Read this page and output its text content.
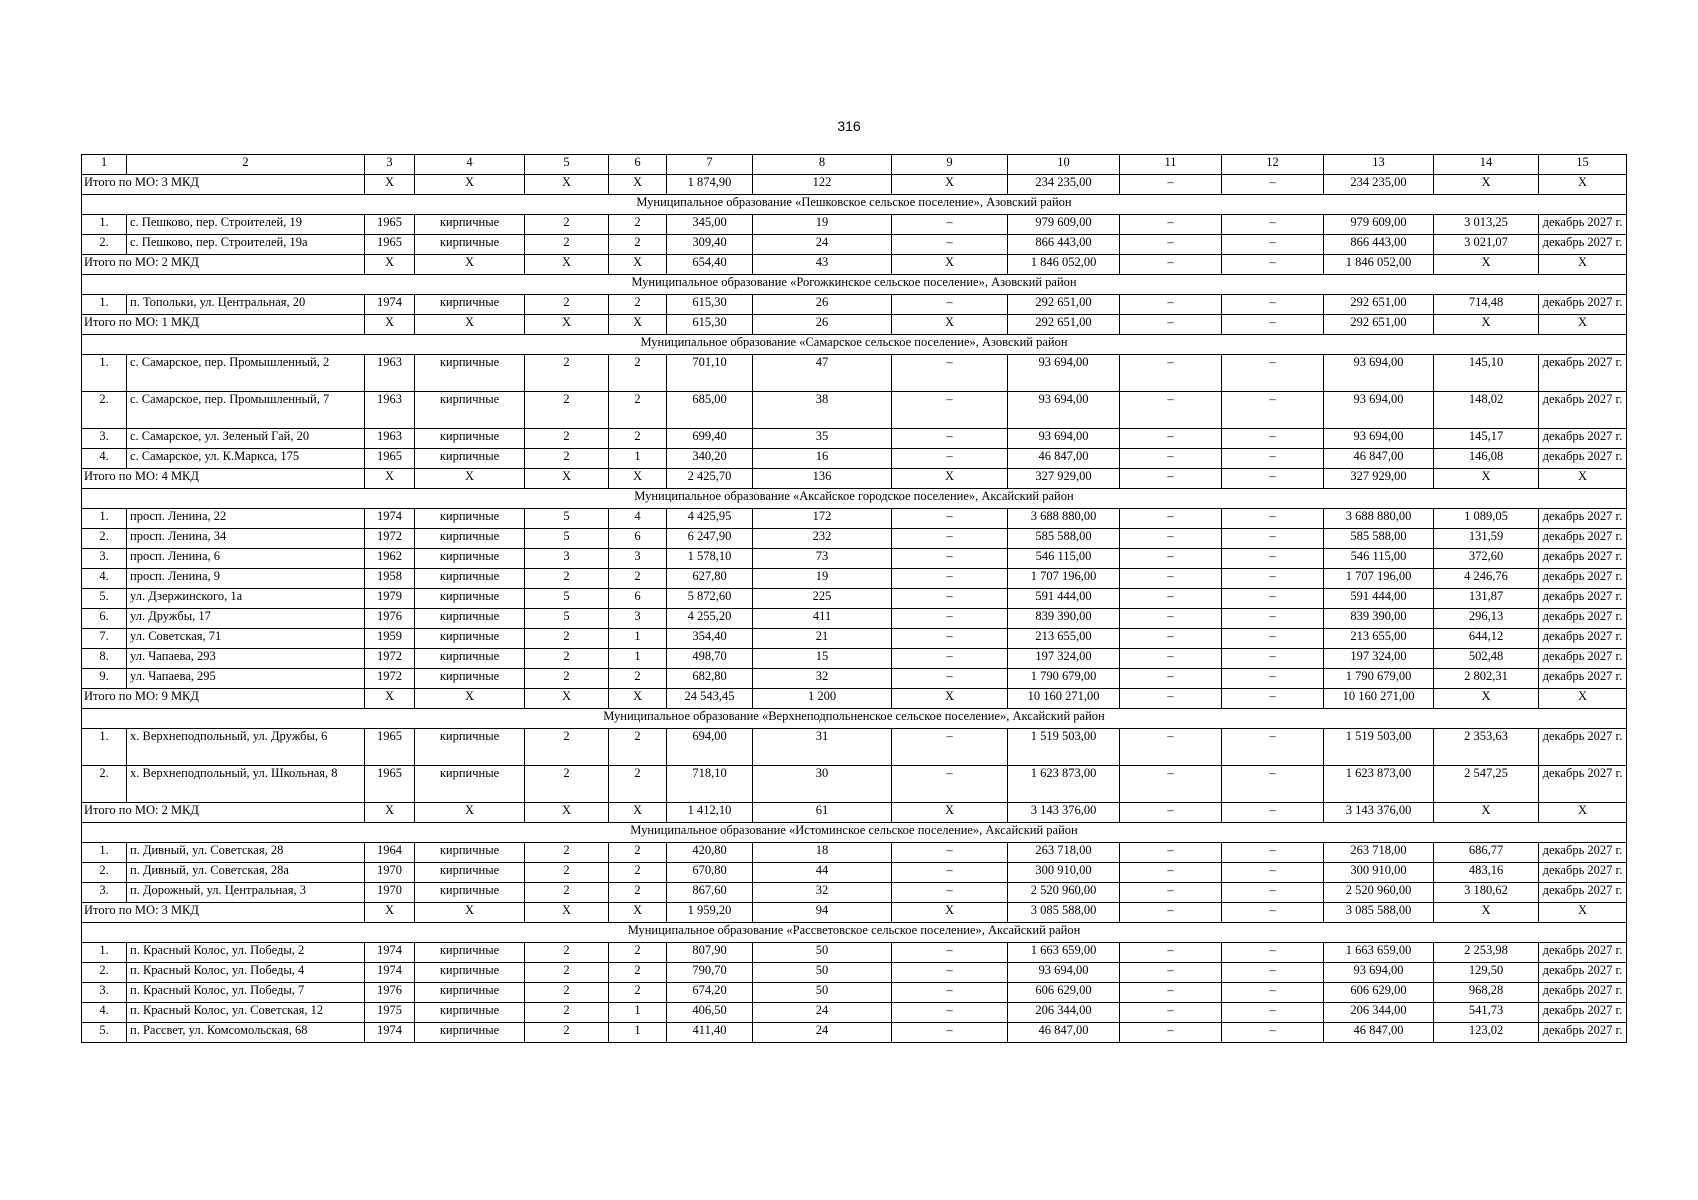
316
1	2	3	4	5	6	7	8	9	10	11	12	13	14	15
Итого по МО: 3 МКД		X	X	X	X	1 874,90	122	X	234 235,00	–	–	234 235,00	X	X
Муниципальное образование «Пешковское сельское поселение», Азовский район														
1.	с. Пешково, пер. Строителей, 19	1965	кирпичные	2	2	345,00	19	–	979 609,00	–	–	979 609,00	3 013,25	декабрь 2027 г.
2.	с. Пешково, пер. Строителей, 19а	1965	кирпичные	2	2	309,40	24	–	866 443,00	–	–	866 443,00	3 021,07	декабрь 2027 г.
Итого по МО: 2 МКД		X	X	X	X	654,40	43	X	1 846 052,00	–	–	1 846 052,00	X	X
Муниципальное образование «Рогожкинское сельское поселение», Азовский район														
1.	п. Топольки, ул. Центральная, 20	1974	кирпичные	2	2	615,30	26	–	292 651,00	–	–	292 651,00	714,48	декабрь 2027 г.
Итого по МО: 1 МКД		X	X	X	X	615,30	26	X	292 651,00	–	–	292 651,00	X	X
Муниципальное образование «Самарское сельское поселение», Азовский район														
1.	с. Самарское, пер. Промышленный, 2	1963	кирпичные	2	2	701,10	47	–	93 694,00	–	–	93 694,00	145,10	декабрь 2027 г.
2.	с. Самарское, пер. Промышленный, 7	1963	кирпичные	2	2	685,00	38	–	93 694,00	–	–	93 694,00	148,02	декабрь 2027 г.
3.	с. Самарское, ул. Зеленый Гай, 20	1963	кирпичные	2	2	699,40	35	–	93 694,00	–	–	93 694,00	145,17	декабрь 2027 г.
4.	с. Самарское, ул. К.Маркса, 175	1965	кирпичные	2	1	340,20	16	–	46 847,00	–	–	46 847,00	146,08	декабрь 2027 г.
Итого по МО: 4 МКД		X	X	X	X	2 425,70	136	X	327 929,00	–	–	327 929,00	X	X
Муниципальное образование «Аксайское городское поселение», Аксайский район														
1.	просп. Ленина, 22	1974	кирпичные	5	4	4 425,95	172	–	3 688 880,00	–	–	3 688 880,00	1 089,05	декабрь 2027 г.
2.	просп. Ленина, 34	1972	кирпичные	5	6	6 247,90	232	–	585 588,00	–	–	585 588,00	131,59	декабрь 2027 г.
3.	просп. Ленина, 6	1962	кирпичные	3	3	1 578,10	73	–	546 115,00	–	–	546 115,00	372,60	декабрь 2027 г.
4.	просп. Ленина, 9	1958	кирпичные	2	2	627,80	19	–	1 707 196,00	–	–	1 707 196,00	4 246,76	декабрь 2027 г.
5.	ул. Дзержинского, 1а	1979	кирпичные	5	6	5 872,60	225	–	591 444,00	–	–	591 444,00	131,87	декабрь 2027 г.
6.	ул. Дружбы, 17	1976	кирпичные	5	3	4 255,20	411	–	839 390,00	–	–	839 390,00	296,13	декабрь 2027 г.
7.	ул. Советская, 71	1959	кирпичные	2	1	354,40	21	–	213 655,00	–	–	213 655,00	644,12	декабрь 2027 г.
8.	ул. Чапаева, 293	1972	кирпичные	2	1	498,70	15	–	197 324,00	–	–	197 324,00	502,48	декабрь 2027 г.
9.	ул. Чапаева, 295	1972	кирпичные	2	2	682,80	32	–	1 790 679,00	–	–	1 790 679,00	2 802,31	декабрь 2027 г.
Итого по МО: 9 МКД		X	X	X	X	24 543,45	1 200	X	10 160 271,00	–	–	10 160 271,00	X	X
Муниципальное образование «Верхнеподпольненское сельское поселение», Аксайский район														
1.	х. Верхнеподпольный, ул. Дружбы, 6	1965	кирпичные	2	2	694,00	31	–	1 519 503,00	–	–	1 519 503,00	2 353,63	декабрь 2027 г.
2.	х. Верхнеподпольный, ул. Школьная, 8	1965	кирпичные	2	2	718,10	30	–	1 623 873,00	–	–	1 623 873,00	2 547,25	декабрь 2027 г.
Итого по МО: 2 МКД		X	X	X	X	1 412,10	61	X	3 143 376,00	–	–	3 143 376,00	X	X
Муниципальное образование «Истоминское сельское поселение», Аксайский район														
1.	п. Дивный, ул. Советская, 28	1964	кирпичные	2	2	420,80	18	–	263 718,00	–	–	263 718,00	686,77	декабрь 2027 г.
2.	п. Дивный, ул. Советская, 28а	1970	кирпичные	2	2	670,80	44	–	300 910,00	–	–	300 910,00	483,16	декабрь 2027 г.
3.	п. Дорожный, ул. Центральная, 3	1970	кирпичные	2	2	867,60	32	–	2 520 960,00	–	–	2 520 960,00	3 180,62	декабрь 2027 г.
Итого по МО: 3 МКД		X	X	X	X	1 959,20	94	X	3 085 588,00	–	–	3 085 588,00	X	X
Муниципальное образование «Рассветовское сельское поселение», Аксайский район														
1.	п. Красный Колос, ул. Победы, 2	1974	кирпичные	2	2	807,90	50	–	1 663 659,00	–	–	1 663 659,00	2 253,98	декабрь 2027 г.
2.	п. Красный Колос, ул. Победы, 4	1974	кирпичные	2	2	790,70	50	–	93 694,00	–	–	93 694,00	129,50	декабрь 2027 г.
3.	п. Красный Колос, ул. Победы, 7	1976	кирпичные	2	2	674,20	50	–	606 629,00	–	–	606 629,00	968,28	декабрь 2027 г.
4.	п. Красный Колос, ул. Советская, 12	1975	кирпичные	2	1	406,50	24	–	206 344,00	–	–	206 344,00	541,73	декабрь 2027 г.
5.	п. Рассвет, ул. Комсомольская, 68	1974	кирпичные	2	1	411,40	24	–	46 847,00	–	–	46 847,00	123,02	декабрь 2027 г.
